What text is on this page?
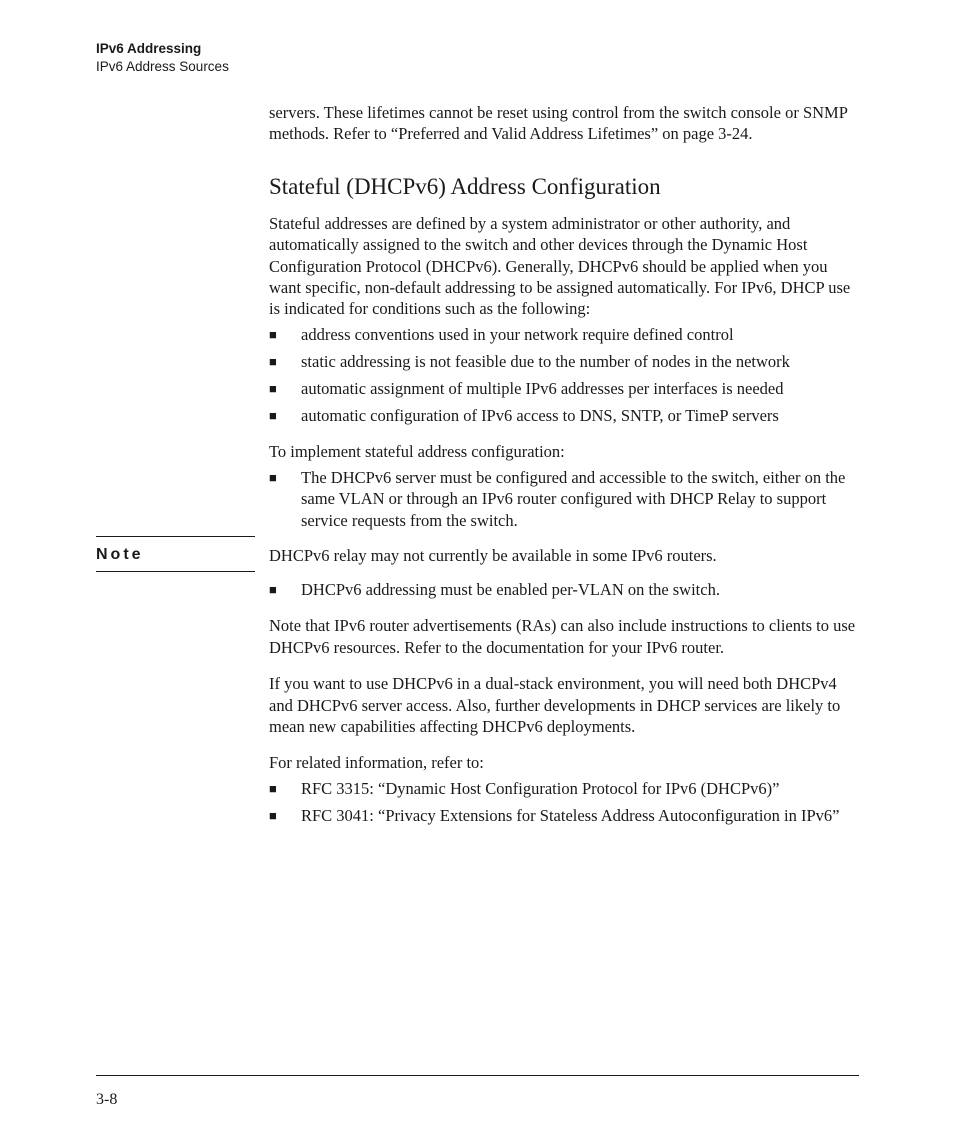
IPv6 Addressing
IPv6 Address Sources

servers. These lifetimes cannot be reset using control from the switch console or SNMP methods. Refer to “Preferred and Valid Address Lifetimes” on page 3-24.

Stateful (DHCPv6) Address Configuration

Stateful addresses are defined by a system administrator or other authority, and automatically assigned to the switch and other devices through the Dynamic Host Configuration Protocol (DHCPv6). Generally, DHCPv6 should be applied when you want specific, non-default addressing to be assigned automatically. For IPv6, DHCP use is indicated for conditions such as the following:

■ address conventions used in your network require defined control
■ static addressing is not feasible due to the number of nodes in the network
■ automatic assignment of multiple IPv6 addresses per interfaces is needed
■ automatic configuration of IPv6 access to DNS, SNTP, or TimeP servers

To implement stateful address configuration:

■ The DHCPv6 server must be configured and accessible to the switch, either on the same VLAN or through an IPv6 router configured with DHCP Relay to support service requests from the switch.
Note	DHCPv6 relay may not currently be available in some IPv6 routers.

■ DHCPv6 addressing must be enabled per-VLAN on the switch.

Note that IPv6 router advertisements (RAs) can also include instructions to clients to use DHCPv6 resources. Refer to the documentation for your IPv6 router.

If you want to use DHCPv6 in a dual-stack environment, you will need both DHCPv4 and DHCPv6 server access. Also, further developments in DHCP services are likely to mean new capabilities affecting DHCPv6 deployments.

For related information, refer to:

■ RFC 3315: “Dynamic Host Configuration Protocol for IPv6 (DHCPv6)”
■ RFC 3041: “Privacy Extensions for Stateless Address Autoconfiguration in IPv6”
3-8
